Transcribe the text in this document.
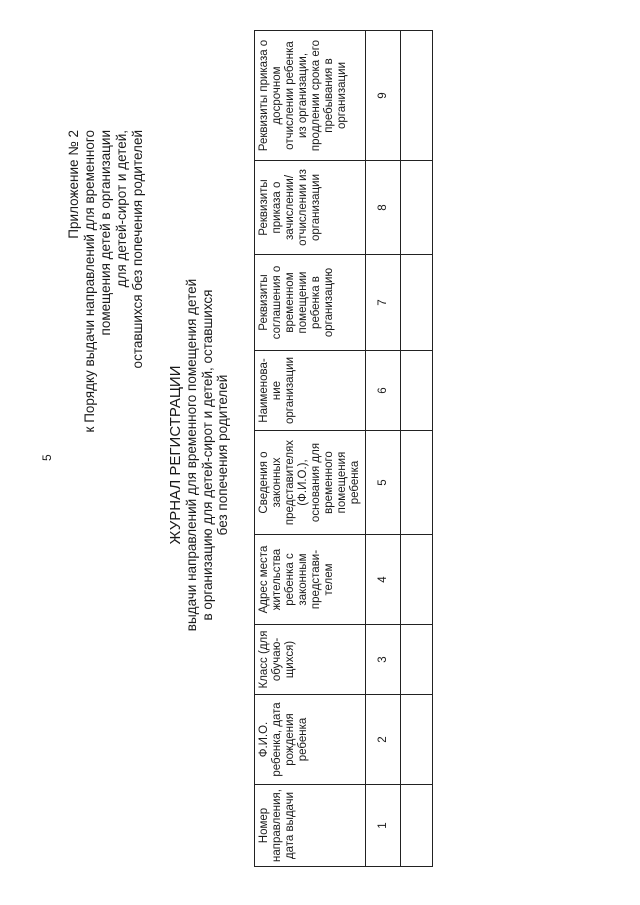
5
Приложение № 2 к Порядку выдачи направлений для временного помещения детей в организации для детей-сирот и детей, оставшихся без попечения родителей
ЖУРНАЛ РЕГИСТРАЦИИ выдачи направлений для временного помещения детей в организацию для детей-сирот и детей, оставшихся без попечения родителей
Номер направления, дата выдачи	Ф.И.О. ребенка, дата рождения ребенка	Класс (для обучаю-щихся)	Адрес места жительства ребенка с законным представи-телем	Сведения о законных представителях (Ф.И.О.), основания для временного помещения ребенка	Наименова-ние организации	Реквизиты соглашения о временном помещении ребенка в организацию	Реквизиты приказа о зачислении/ отчислении из организации	Реквизиты приказа о досрочном отчислении ребенка из организации, продлении срока его пребывания в организации
1	2	3	4	5	6	7	8	9
